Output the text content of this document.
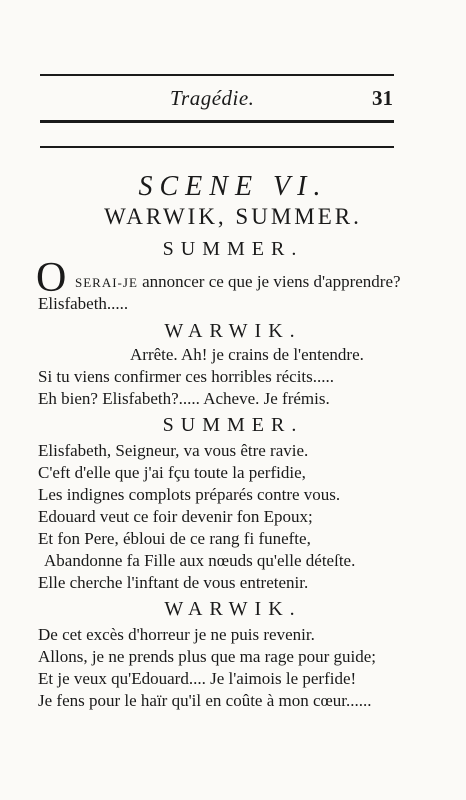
Tragédie.	31
SCENE VI.
WARWIK, SUMMER.
SUMMER.
O SERAI-JE annoncer ce que je viens d'apprendre?
Elisfabeth.....
WARWIK.
Arrête. Ah! je crains de l'entendre.
Si tu viens confirmer ces horribles récits.....
Eh bien? Elisfabeth?..... Acheve. Je frémis.
SUMMER.
Elisfabeth, Seigneur, va vous être ravie.
C'eft d'elle que j'ai fçu toute la perfidie,
Les indignes complots préparés contre vous.
Edouard veut ce foir devenir fon Epoux;
Et fon Pere, ébloui de ce rang fi funefte,
Abandonne fa Fille aux nœuds qu'elle déteſte.
Elle cherche l'inftant de vous entretenir.
WARWIK.
De cet excès d'horreur je ne puis revenir.
Allons, je ne prends plus que ma rage pour guide;
Et je veux qu'Edouard.... Je l'aimois le perfide!
Je fens pour le haïr qu'il en coûte à mon cœur......
